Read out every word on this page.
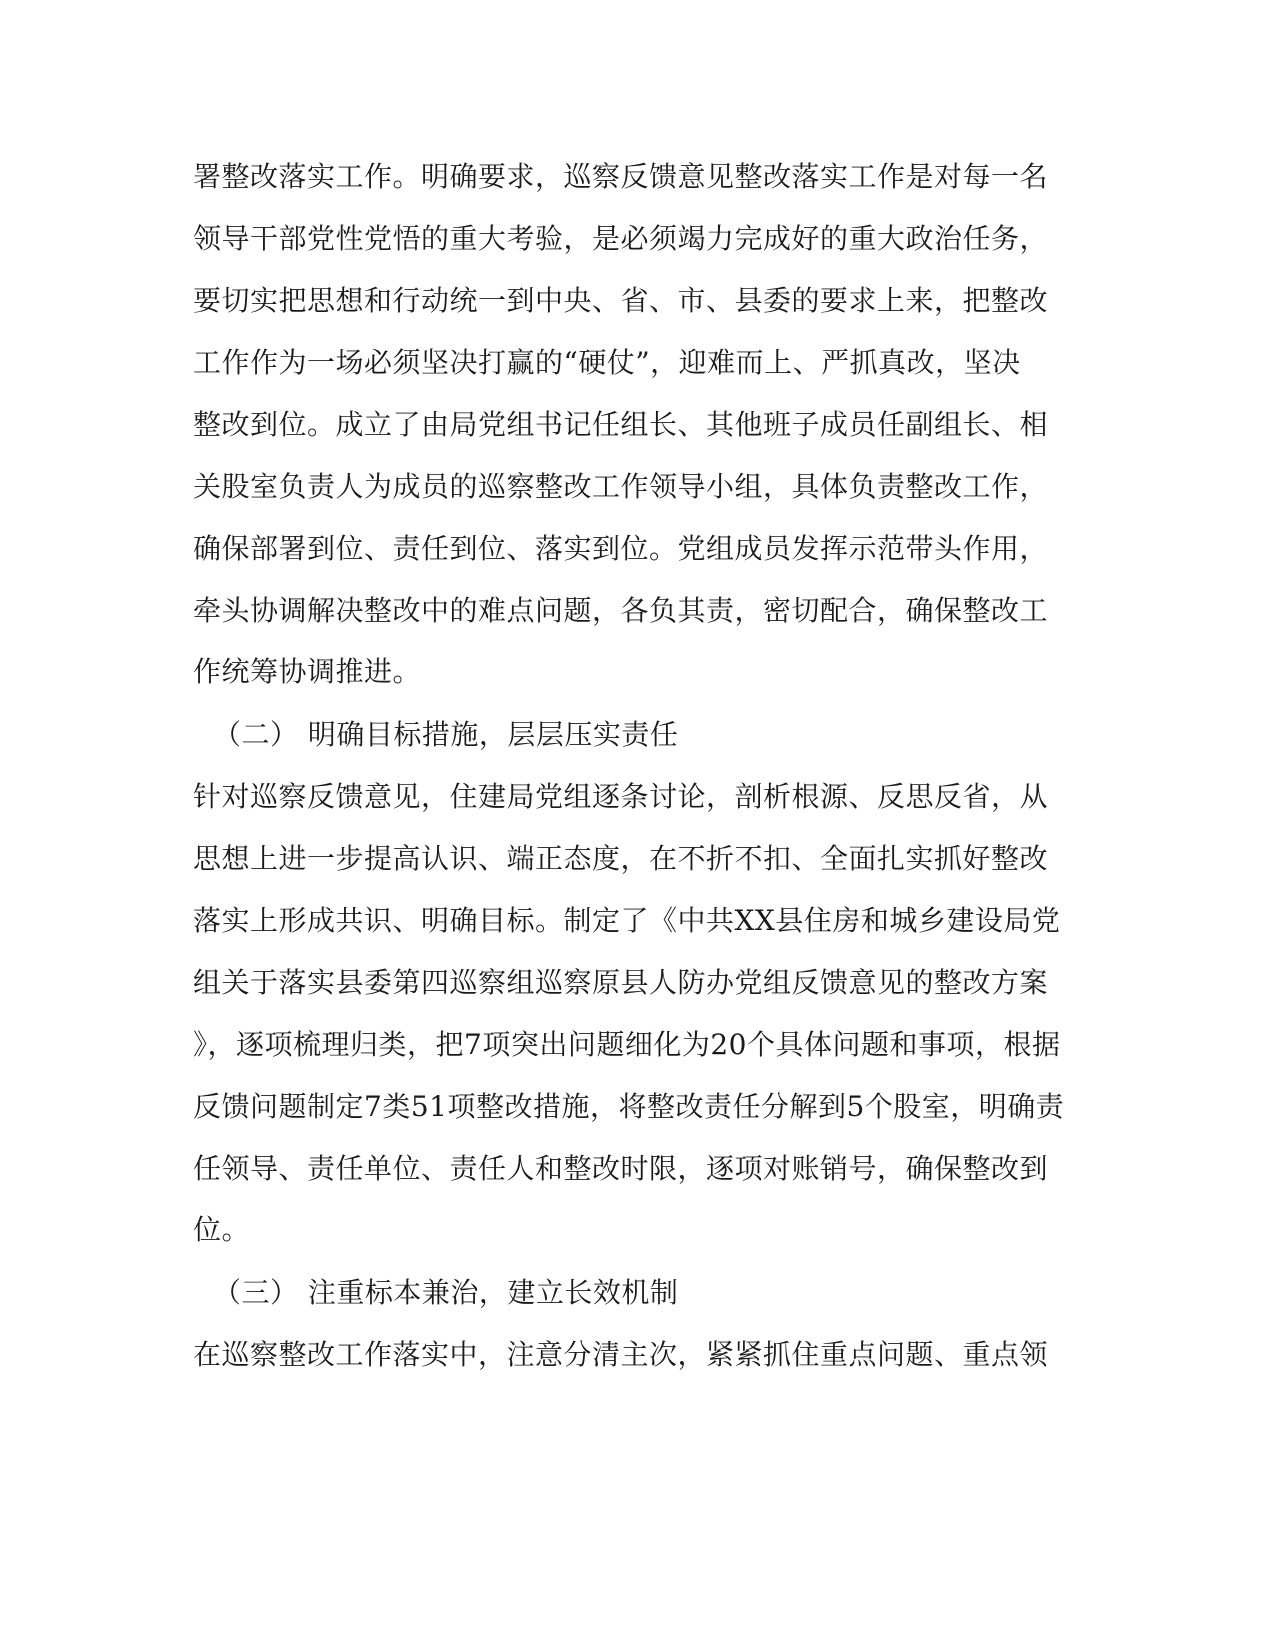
署整改落实工作。明确要求，巡察反馈意见整改落实工作是对每一名
领导干部党性党悟的重大考验，是必须竭力完成好的重大政治任务，
要切实把思想和行动统一到中央、省、市、县委的要求上来，把整改
工作作为一场必须坚决打赢的“硬仗”，迎难而上、严抓真改，坚决
整改到位。成立了由局党组书记任组长、其他班子成员任副组长、相
关股室负责人为成员的巡察整改工作领导小组，具体负责整改工作，
确保部署到位、责任到位、落实到位。党组成员发挥示范带头作用，
牵头协调解决整改中的难点问题，各负其责，密切配合，确保整改工
作统筹协调推进。
（二） 明确目标措施，层层压实责任
针对巡察反馈意见，住建局党组逐条讨论，剖析根源、反思反省，从
思想上进一步提高认识、端正态度，在不折不扣、全面扎实抓好整改
落实上形成共识、明确目标。制定了《中共XX县住房和城乡建设局党
组关于落实县委第四巡察组巡察原县人防办党组反馈意见的整改方案
》，逐项梳理归类，把7项突出问题细化为20个具体问题和事项，根据
反馈问题制定7类51项整改措施，将整改责任分解到5个股室，明确责
任领导、责任单位、责任人和整改时限，逐项对账销号，确保整改到
位。
（三） 注重标本兼治，建立长效机制
在巡察整改工作落实中，注意分清主次，紧紧抓住重点问题、重点领
